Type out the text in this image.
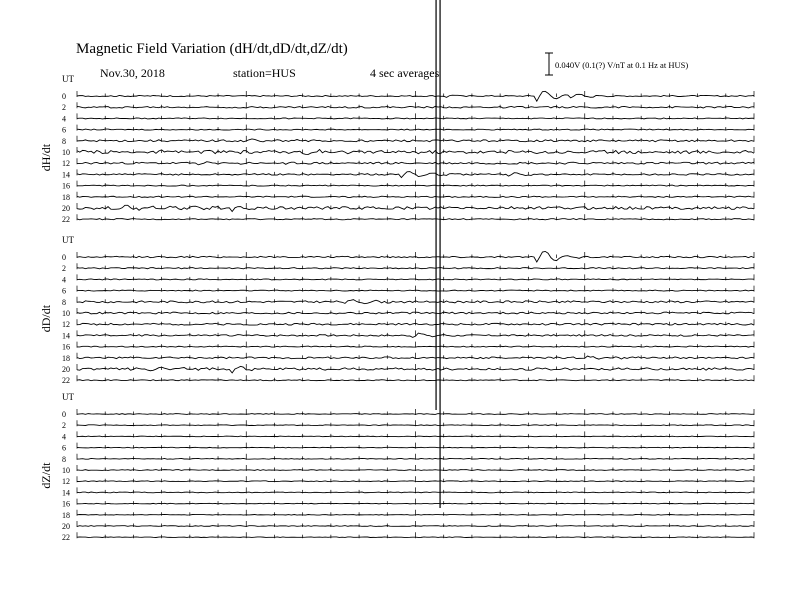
Magnetic Field Variation (dH/dt,dD/dt,dZ/dt)
Nov.30, 2018	station=HUS	4 sec averages
0.040V (0.1(?) V/nT at 0.1 Hz at HUS)
UT
dH/dt
0
2
4
6
8
10
12
14
16
18
20
22
UT
dD/dt
0
2
4
6
8
10
12
14
16
18
20
22
UT
dZ/dt
0
2
4
6
8
10
12
14
16
18
20
22
